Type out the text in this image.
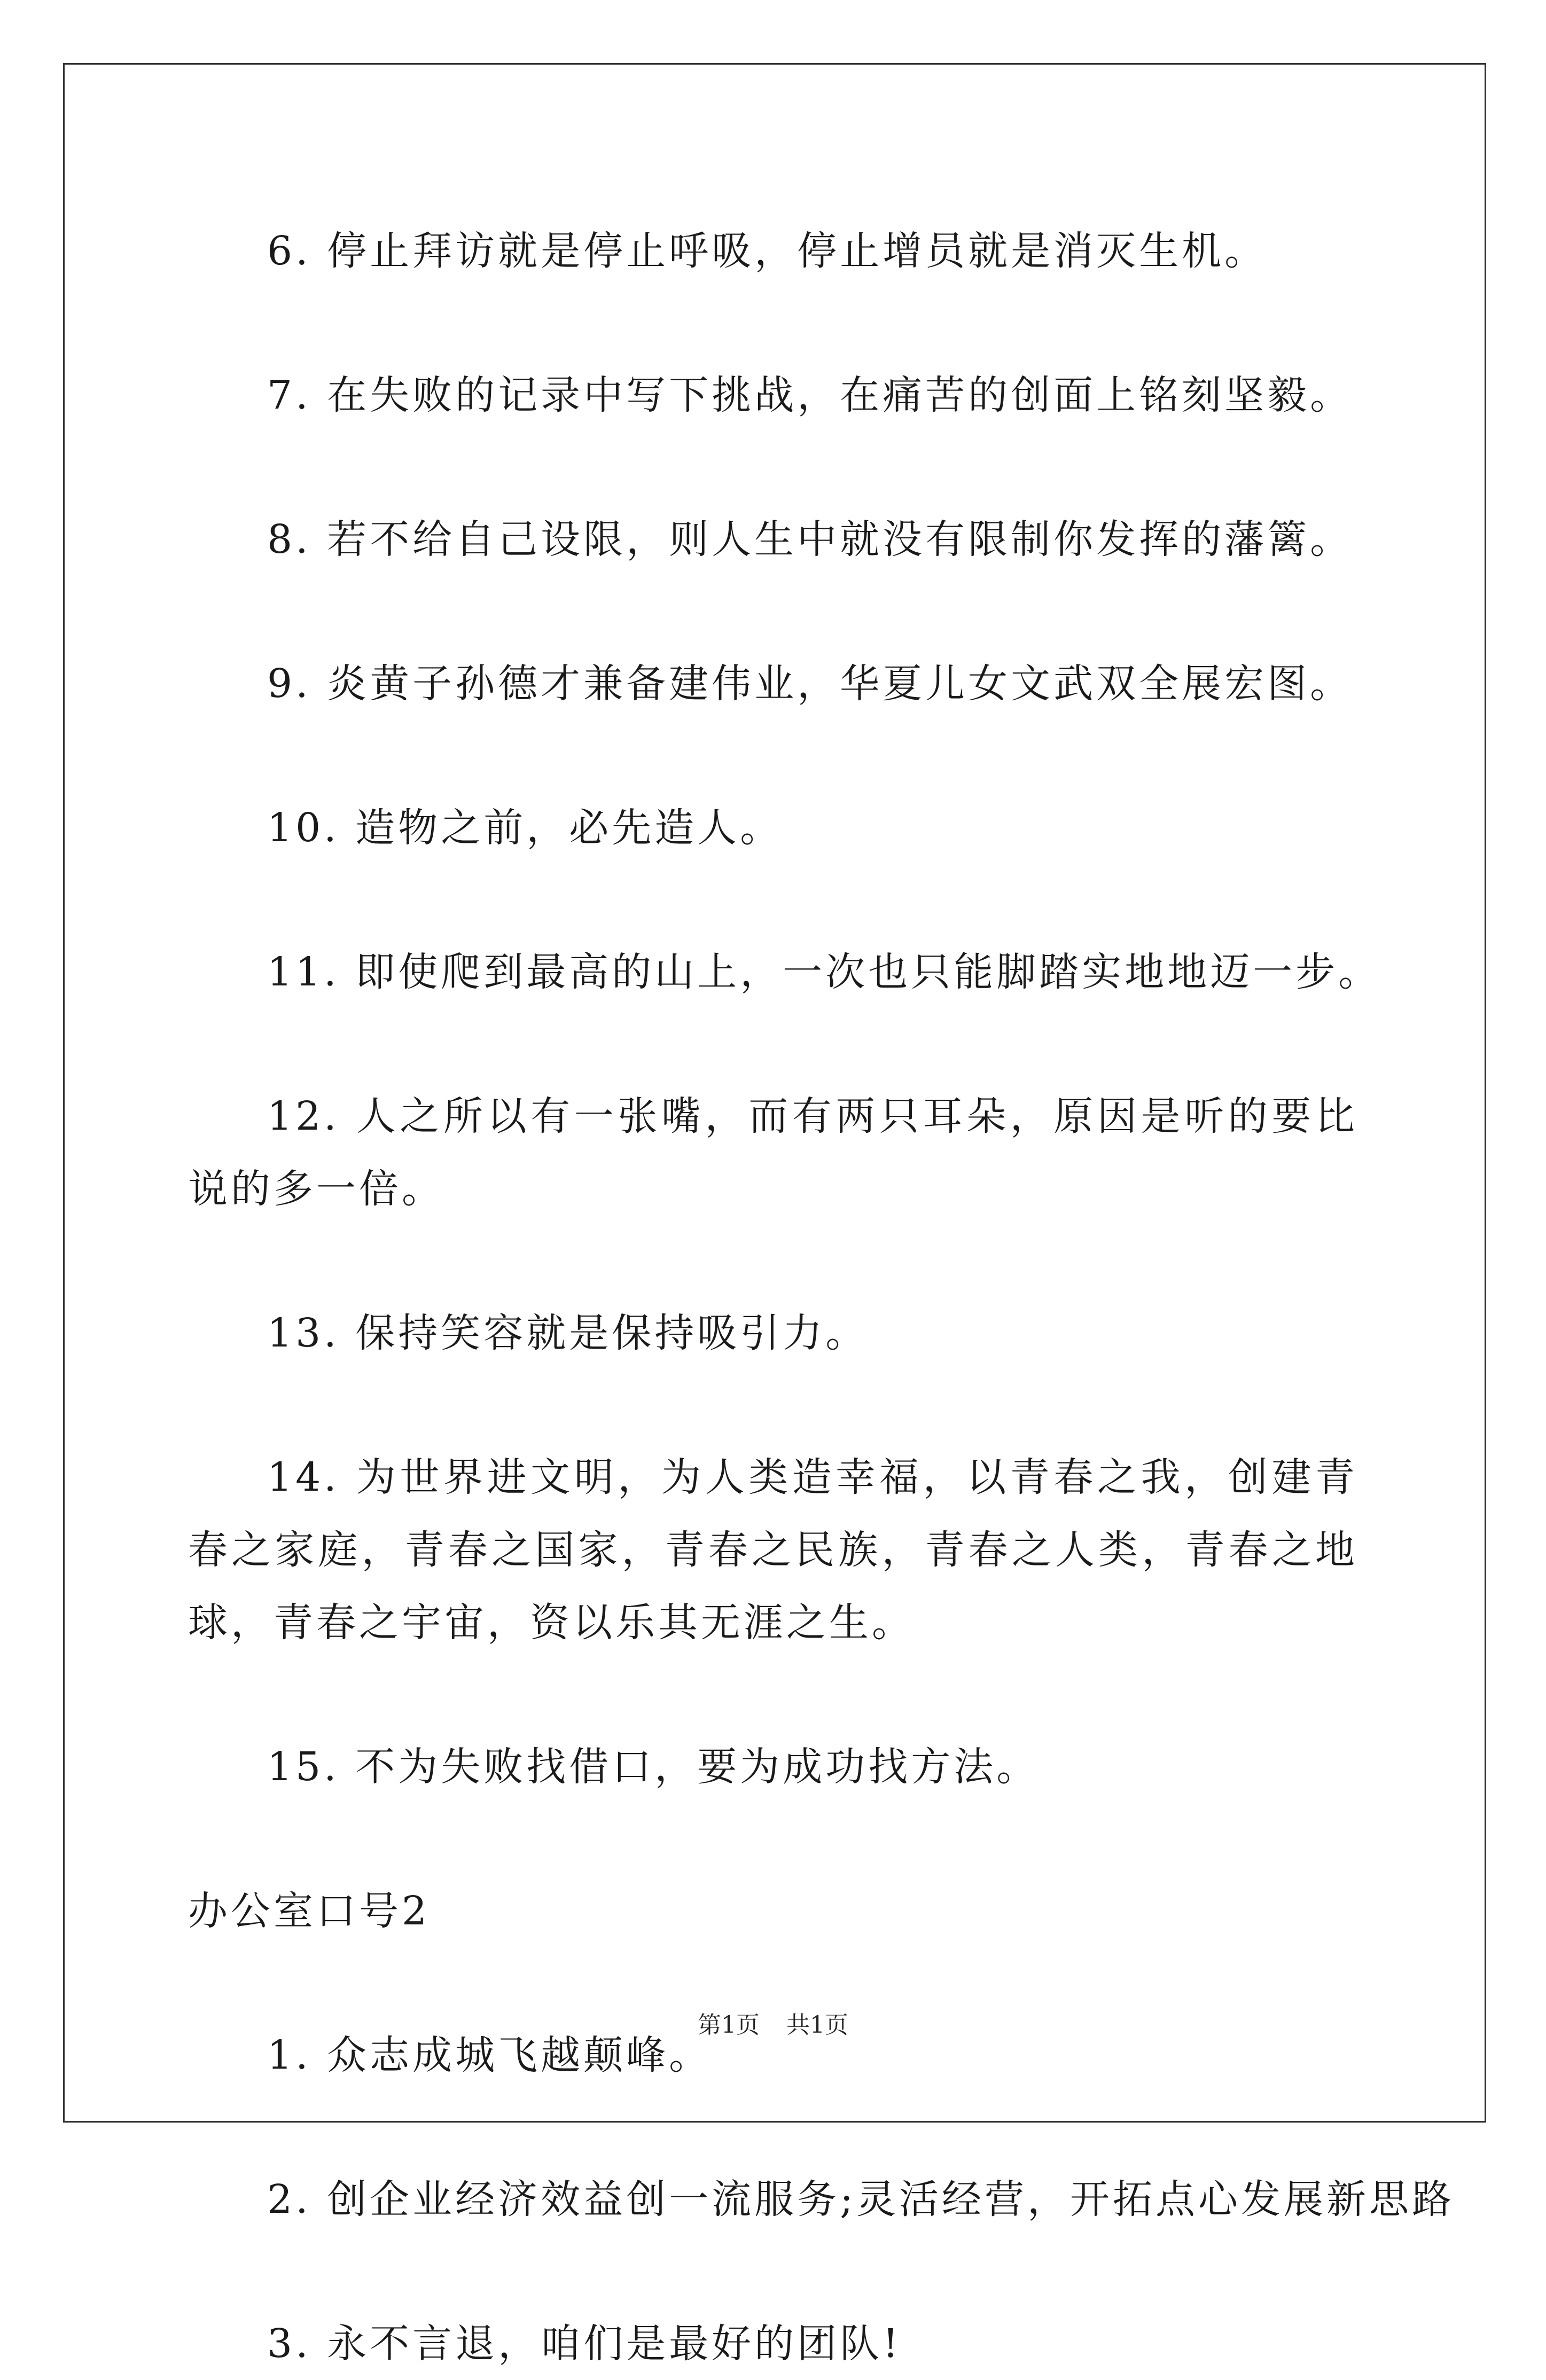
6. 停止拜访就是停止呼吸，停止增员就是消灭生机。

7. 在失败的记录中写下挑战，在痛苦的创面上铭刻坚毅。

8. 若不给自己设限，则人生中就没有限制你发挥的藩篱。

9. 炎黄子孙德才兼备建伟业，华夏儿女文武双全展宏图。

10. 造物之前，必先造人。

11. 即使爬到最高的山上，一次也只能脚踏实地地迈一步。

12. 人之所以有一张嘴，而有两只耳朵，原因是听的要比说的多一倍。

13. 保持笑容就是保持吸引力。

14. 为世界进文明，为人类造幸福，以青春之我，创建青春之家庭，青春之国家，青春之民族，青春之人类，青春之地球，青春之宇宙，资以乐其无涯之生。

15. 不为失败找借口，要为成功找方法。

办公室口号2

1. 众志成城飞越颠峰。

2. 创企业经济效益创一流服务;灵活经营，开拓点心发展新思路

3. 永不言退，咱们是最好的团队!

第1页 共1页
